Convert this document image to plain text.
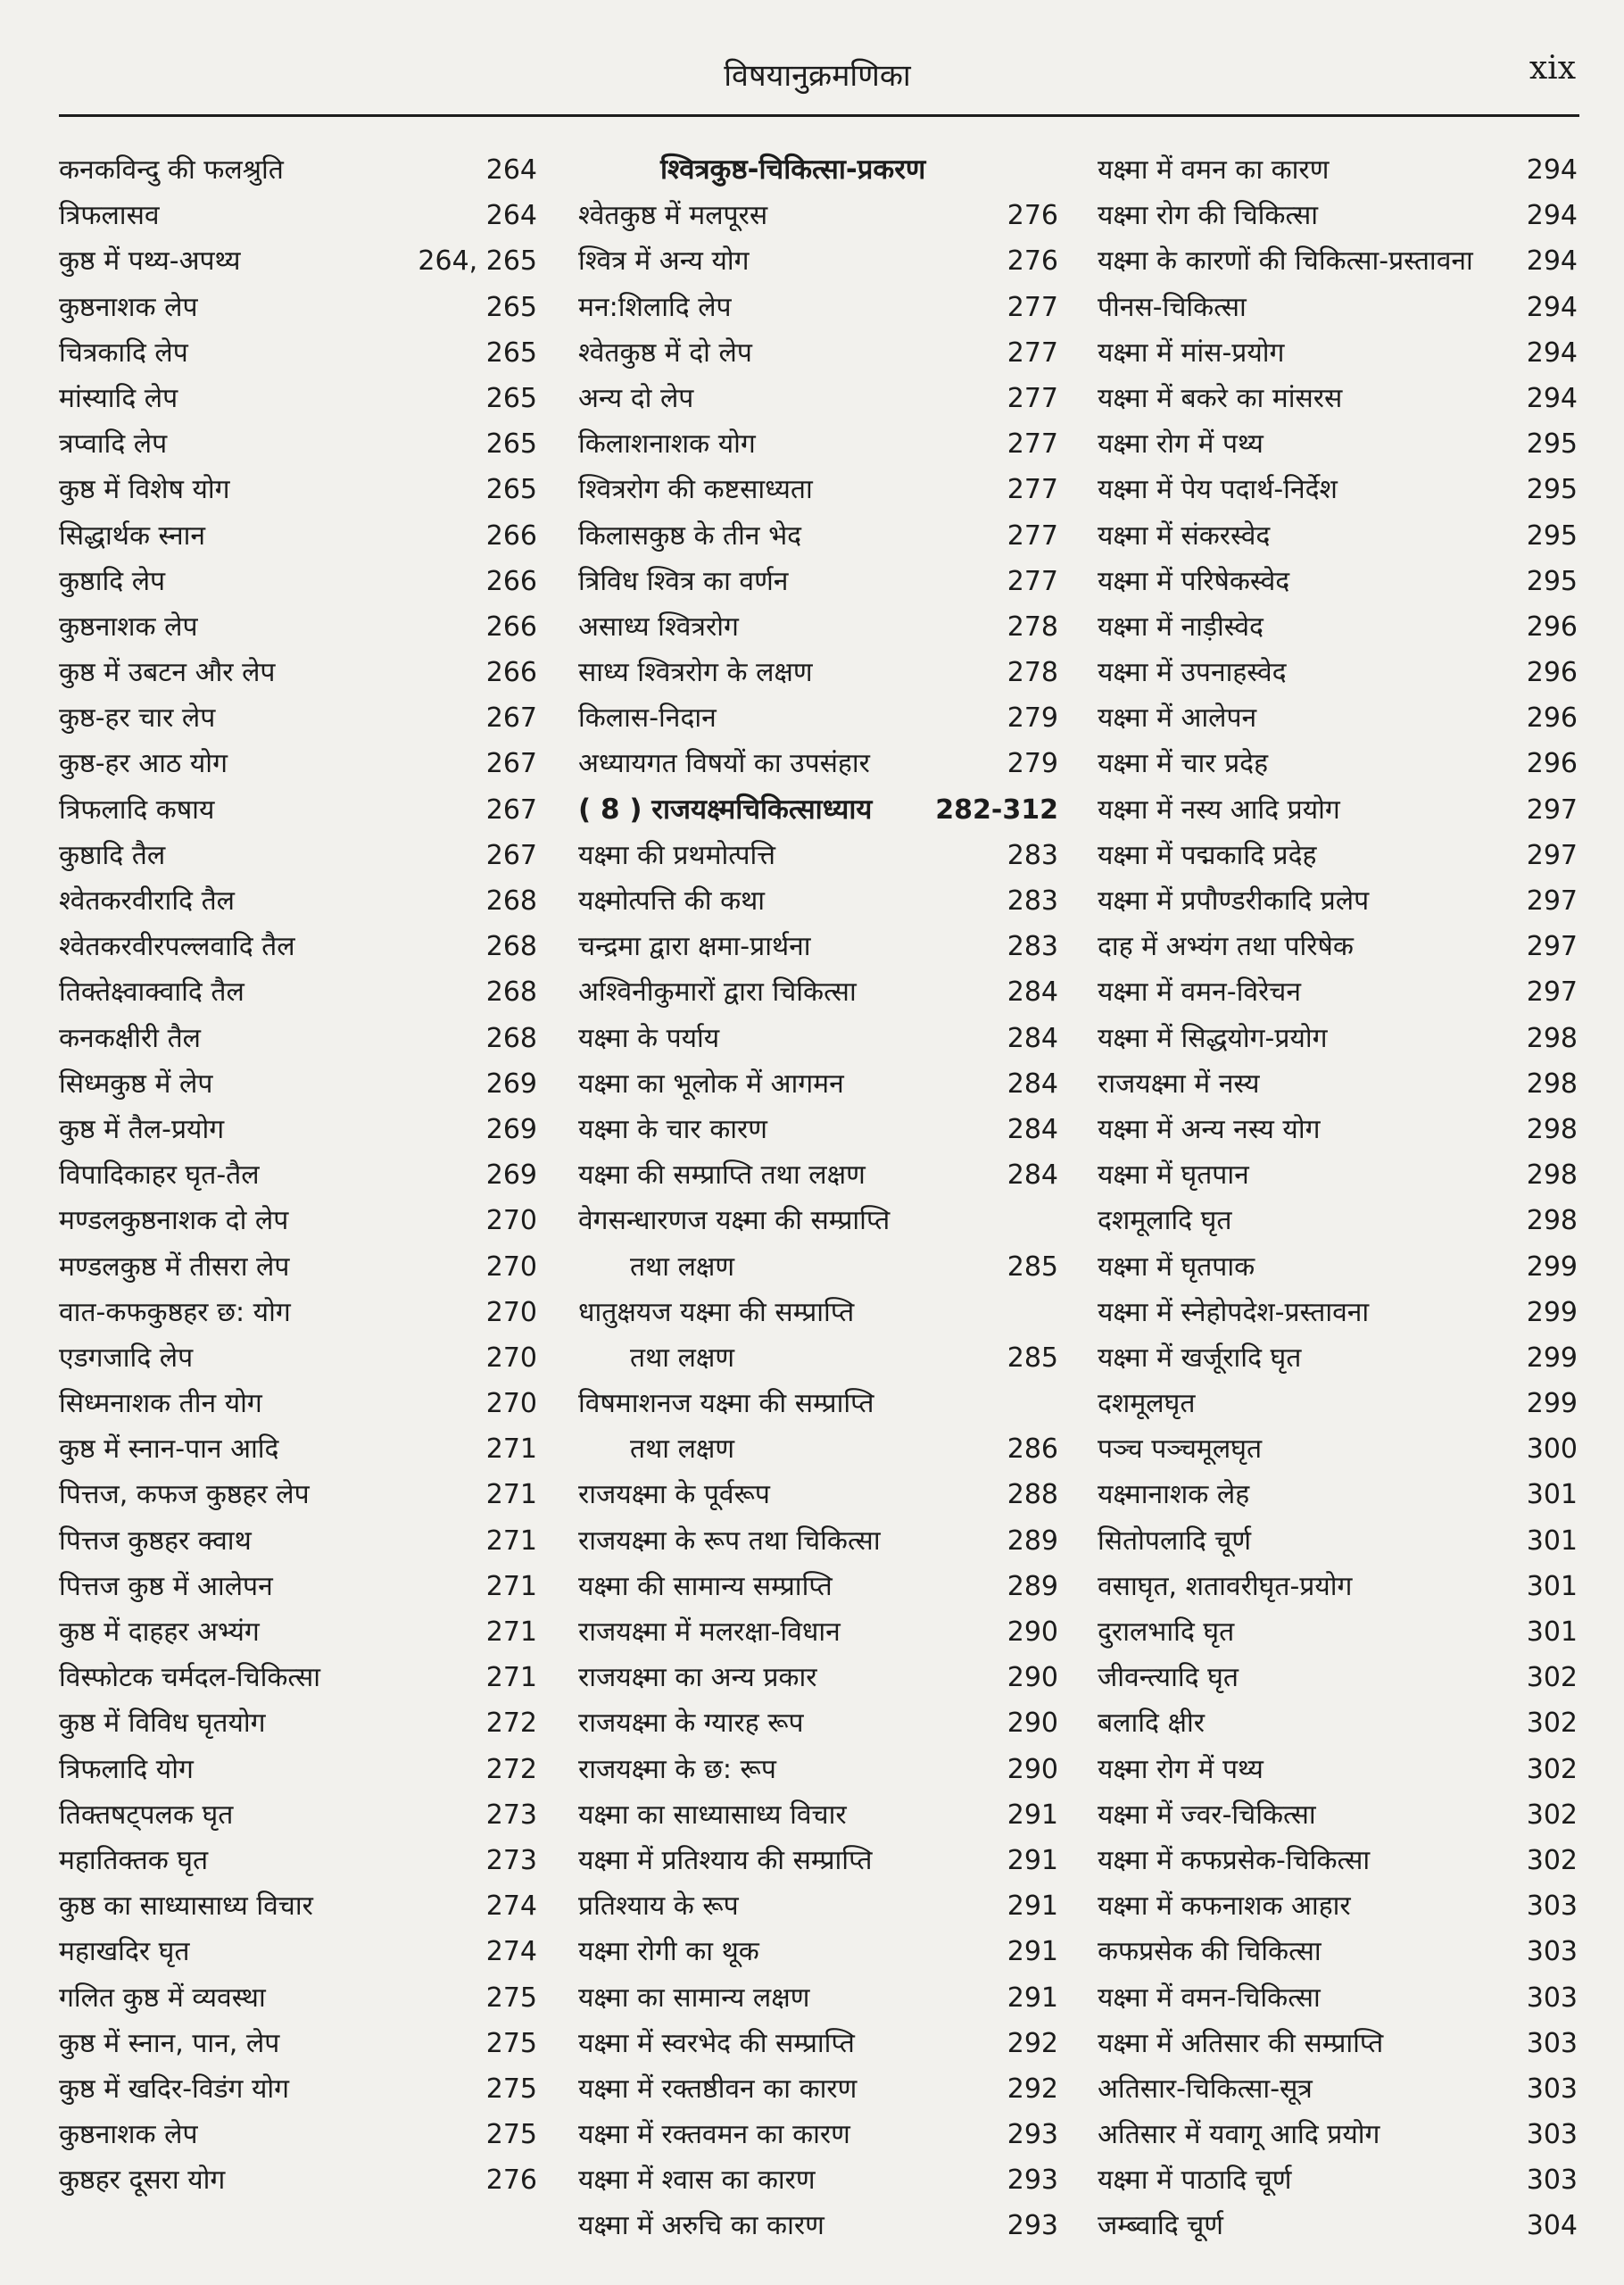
विषयानुक्रमणिका	xix
कनकविन्दु की फलश्रुति	264
त्रिफलासव	264
कुष्ठ में पथ्य-अपथ्य	264, 265
कुष्ठनाशक लेप	265
चित्रकादि लेप	265
मांस्यादि लेप	265
त्रप्वादि लेप	265
कुष्ठ में विशेष योग	265
सिद्धार्थक स्नान	266
कुष्ठादि लेप	266
कुष्ठनाशक लेप	266
कुष्ठ में उबटन और लेप	266
कुष्ठ-हर चार लेप	267
कुष्ठ-हर आठ योग	267
त्रिफलादि कषाय	267
कुष्ठादि तैल	267
श्वेतकरवीरादि तैल	268
श्वेतकरवीरपल्लवादि तैल	268
तिक्तेक्ष्वाक्वादि तैल	268
कनकक्षीरी तैल	268
सिध्मकुष्ठ में लेप	269
कुष्ठ में तैल-प्रयोग	269
विपादिकाहर घृत-तैल	269
मण्डलकुष्ठनाशक दो लेप	270
मण्डलकुष्ठ में तीसरा लेप	270
वात-कफकुष्ठहर छ: योग	270
एडगजादि लेप	270
सिध्मनाशक तीन योग	270
कुष्ठ में स्नान-पान आदि	271
पित्तज, कफज कुष्ठहर लेप	271
पित्तज कुष्ठहर क्वाथ	271
पित्तज कुष्ठ में आलेपन	271
कुष्ठ में दाहहर अभ्यंग	271
विस्फोटक चर्मदल-चिकित्सा	271
कुष्ठ में विविध घृतयोग	272
त्रिफलादि योग	272
तिक्तषट्पलक घृत	273
महातिक्तक घृत	273
कुष्ठ का साध्यासाध्य विचार	274
महाखदिर घृत	274
गलित कुष्ठ में व्यवस्था	275
कुष्ठ में स्नान, पान, लेप	275
कुष्ठ में खदिर-विडंग योग	275
कुष्ठनाशक लेप	275
कुष्ठहर दूसरा योग	276
श्वित्रकुष्ठ-चिकित्सा-प्रकरण
श्वेतकुष्ठ में मलपूरस	276
श्वित्र में अन्य योग	276
मन:शिलादि लेप	277
श्वेतकुष्ठ में दो लेप	277
अन्य दो लेप	277
किलाशनाशक योग	277
श्वित्ररोग की कष्टसाध्यता	277
किलासकुष्ठ के तीन भेद	277
त्रिविध श्वित्र का वर्णन	277
असाध्य श्वित्ररोग	278
साध्य श्वित्ररोग के लक्षण	278
किलास-निदान	279
अध्यायगत विषयों का उपसंहार	279
( 8 ) राजयक्ष्मचिकित्साध्याय 282-312
यक्ष्मा की प्रथमोत्पत्ति	283
यक्ष्मोत्पत्ति की कथा	283
चन्द्रमा द्वारा क्षमा-प्रार्थना	283
अश्विनीकुमारों द्वारा चिकित्सा	284
यक्ष्मा के पर्याय	284
यक्ष्मा का भूलोक में आगमन	284
यक्ष्मा के चार कारण	284
यक्ष्मा की सम्प्राप्ति तथा लक्षण	284
वेगसन्धारणज यक्ष्मा की सम्प्राप्ति
तथा लक्षण	285
धातुक्षयज यक्ष्मा की सम्प्राप्ति
तथा लक्षण	285
विषमाशनज यक्ष्मा की सम्प्राप्ति
तथा लक्षण	286
राजयक्ष्मा के पूर्वरूप	288
राजयक्ष्मा के रूप तथा चिकित्सा	289
यक्ष्मा की सामान्य सम्प्राप्ति	289
राजयक्ष्मा में मलरक्षा-विधान	290
राजयक्ष्मा का अन्य प्रकार	290
राजयक्ष्मा के ग्यारह रूप	290
राजयक्ष्मा के छ: रूप	290
यक्ष्मा का साध्यासाध्य विचार	291
यक्ष्मा में प्रतिश्याय की सम्प्राप्ति	291
प्रतिश्याय के रूप	291
यक्ष्मा रोगी का थूक	291
यक्ष्मा का सामान्य लक्षण	291
यक्ष्मा में स्वरभेद की सम्प्राप्ति	292
यक्ष्मा में रक्तष्ठीवन का कारण	292
यक्ष्मा में रक्तवमन का कारण	293
यक्ष्मा में श्वास का कारण	293
यक्ष्मा में अरुचि का कारण	293
यक्ष्मा में वमन का कारण	294
यक्ष्मा रोग की चिकित्सा	294
यक्ष्मा के कारणों की चिकित्सा-प्रस्तावना 294
पीनस-चिकित्सा	294
यक्ष्मा में मांस-प्रयोग	294
यक्ष्मा में बकरे का मांसरस	294
यक्ष्मा रोग में पथ्य	295
यक्ष्मा में पेय पदार्थ-निर्देश	295
यक्ष्मा में संकरस्वेद	295
यक्ष्मा में परिषेकस्वेद	295
यक्ष्मा में नाड़ीस्वेद	296
यक्ष्मा में उपनाहस्वेद	296
यक्ष्मा में आलेपन	296
यक्ष्मा में चार प्रदेह	296
यक्ष्मा में नस्य आदि प्रयोग	297
यक्ष्मा में पद्मकादि प्रदेह	297
यक्ष्मा में प्रपौण्डरीकादि प्रलेप	297
दाह में अभ्यंग तथा परिषेक	297
यक्ष्मा में वमन-विरेचन	297
यक्ष्मा में सिद्धयोग-प्रयोग	298
राजयक्ष्मा में नस्य	298
यक्ष्मा में अन्य नस्य योग	298
यक्ष्मा में घृतपान	298
दशमूलादि घृत	298
यक्ष्मा में घृतपाक	299
यक्ष्मा में स्नेहोपदेश-प्रस्तावना	299
यक्ष्मा में खर्जूरादि घृत	299
दशमूलघृत	299
पञ्च पञ्चमूलघृत	300
यक्ष्मानाशक लेह	301
सितोपलादि चूर्ण	301
वसाघृत, शतावरीघृत-प्रयोग	301
दुरालभादि घृत	301
जीवन्त्यादि घृत	302
बलादि क्षीर	302
यक्ष्मा रोग में पथ्य	302
यक्ष्मा में ज्वर-चिकित्सा	302
यक्ष्मा में कफप्रसेक-चिकित्सा	302
यक्ष्मा में कफनाशक आहार	303
कफप्रसेक की चिकित्सा	303
यक्ष्मा में वमन-चिकित्सा	303
यक्ष्मा में अतिसार की सम्प्राप्ति	303
अतिसार-चिकित्सा-सूत्र	303
अतिसार में यवागू आदि प्रयोग	303
यक्ष्मा में पाठादि चूर्ण	303
जम्ब्वादि चूर्ण	304
